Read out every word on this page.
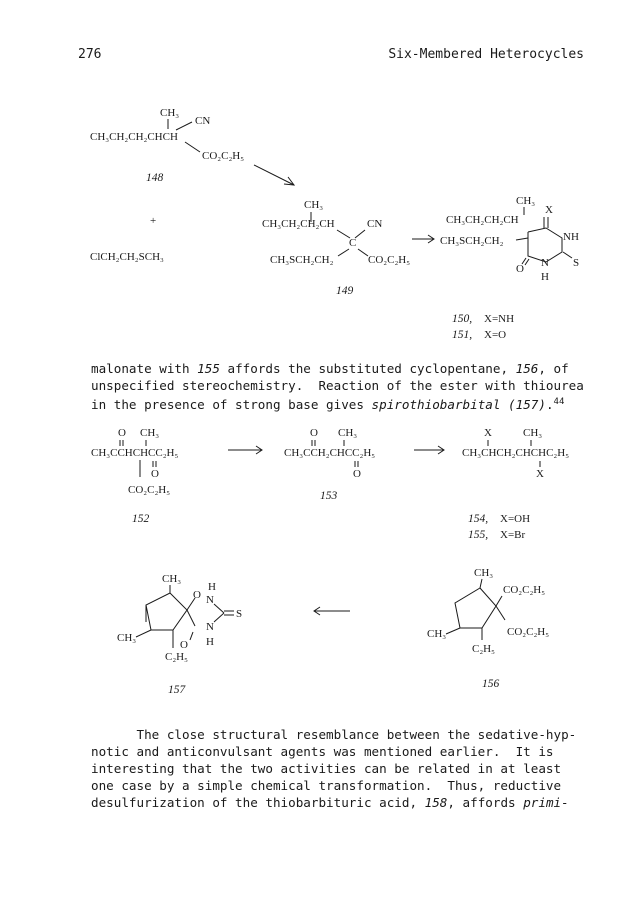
276	Six-Membered Heterocycles
CH₃
CN
CH₃CH₂CH₂CHCH
CO₂C₂H₅
148
+
ClCH₂CH₂SCH₃
CH₃
CH₃CH₂CH₂CH	CN
C
CH₃SCH₂CH₂	CO₂C₂H₅
149
CH₃
X
CH₃CH₂CH₂CH
CH₃SCH₂CH₂	NH
S
N
H
O
150, X=NH
151, X=O
O CH₃
CH₃CCHCHCC₂H₅
O
CO₂C₂H₅
152
O CH₃
CH₃CCH₂CHCC₂H₅
O
153
X	CH₃
CH₃CHCH₂CHCHC₂H₅
X
154, X=OH
155, X=Br
CH₃
O
H
N
S
N
O H
CH₃
C₂H₅
157
CH₃
CO₂C₂H₅
CO₂C₂H₅
CH₃
C₂H₅
156
malonate with 155 affords the substituted cyclopentane, 156, of
unspecified stereochemistry.  Reaction of the ester with thiourea
in the presence of strong base gives spirothiobarbital (157).$^{44}$
The close structural resemblance between the sedative-hyp-
notic and anticonvulsant agents was mentioned earlier.  It is
interesting that the two activities can be related in at least
one case by a simple chemical transformation.  Thus, reductive
desulfurization of the thiobarbituric acid, 158, affords primi-
